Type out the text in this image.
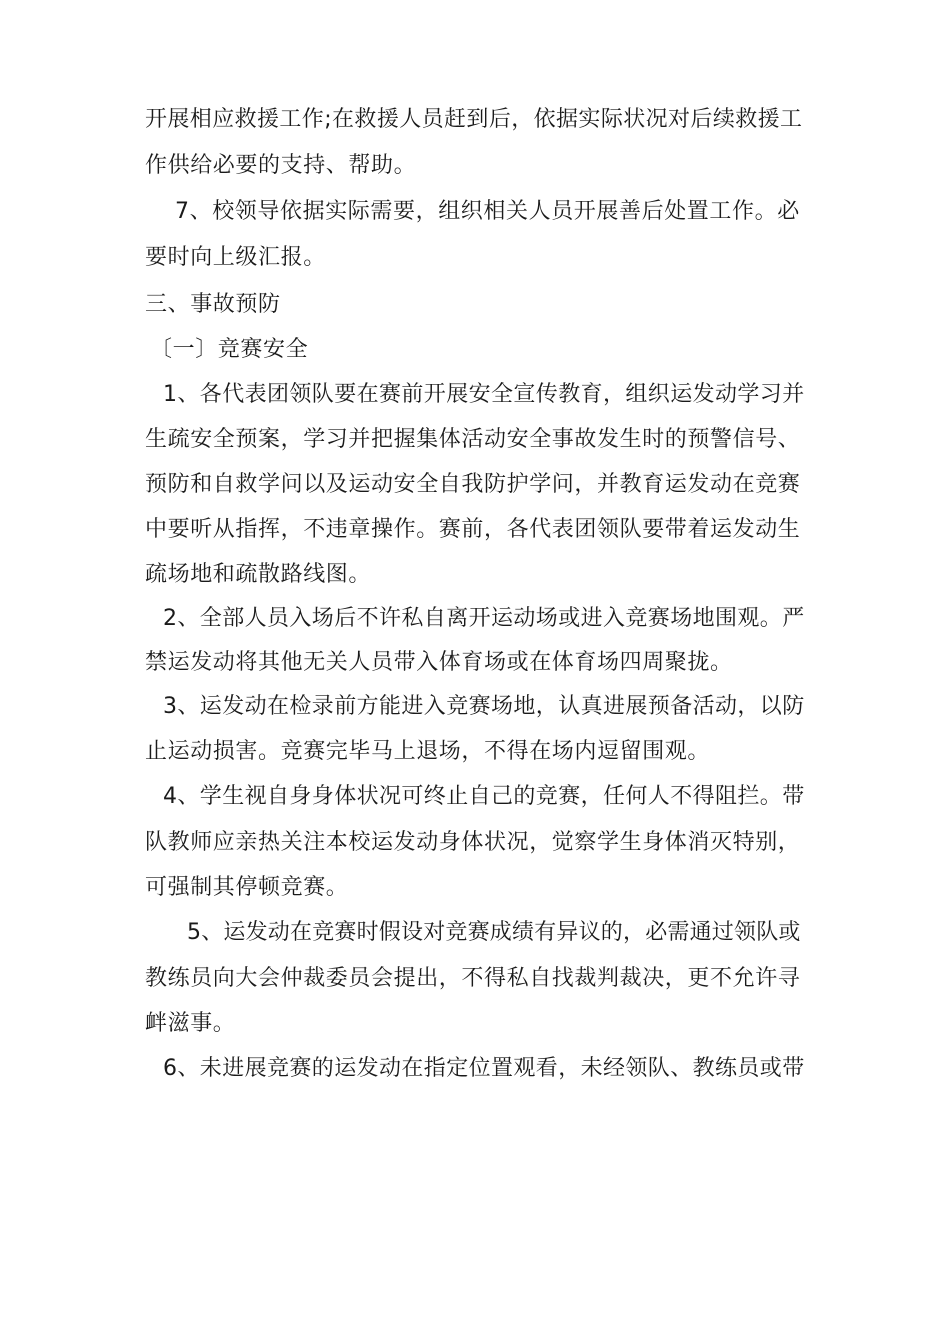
开展相应救援工作;在救援人员赶到后，依据实际状况对后续救援工
作供给必要的支持、帮助。
7、校领导依据实际需要，组织相关人员开展善后处置工作。必
要时向上级汇报。
三、事故预防
〔一〕竞赛安全
1、各代表团领队要在赛前开展安全宣传教育，组织运发动学习并
生疏安全预案，学习并把握集体活动安全事故发生时的预警信号、
预防和自救学问以及运动安全自我防护学问，并教育运发动在竞赛
中要听从指挥，不违章操作。赛前，各代表团领队要带着运发动生
疏场地和疏散路线图。
2、全部人员入场后不许私自离开运动场或进入竞赛场地围观。严
禁运发动将其他无关人员带入体育场或在体育场四周聚拢。
3、运发动在检录前方能进入竞赛场地，认真进展预备活动，以防
止运动损害。竞赛完毕马上退场，不得在场内逗留围观。
4、学生视自身身体状况可终止自己的竞赛，任何人不得阻拦。带
队教师应亲热关注本校运发动身体状况，觉察学生身体消灭特别，
可强制其停顿竞赛。
5、运发动在竞赛时假设对竞赛成绩有异议的，必需通过领队或
教练员向大会仲裁委员会提出，不得私自找裁判裁决，更不允许寻
衅滋事。
6、未进展竞赛的运发动在指定位置观看，未经领队、教练员或带
